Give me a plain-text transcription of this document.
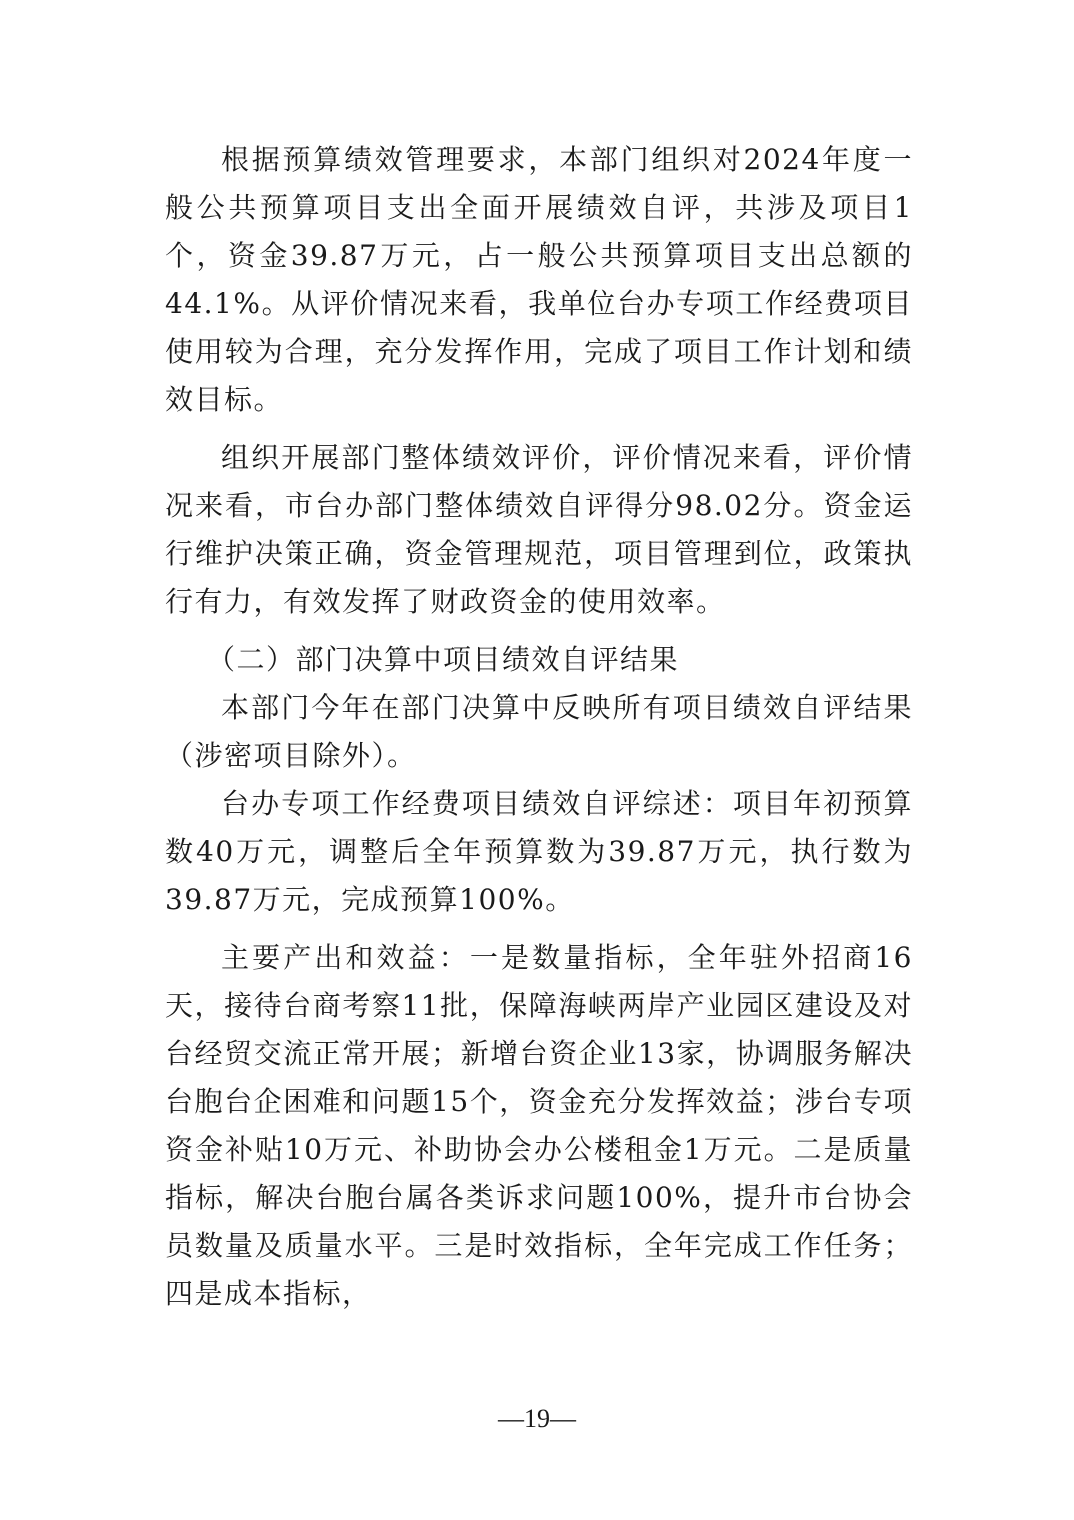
根据预算绩效管理要求，本部门组织对2024年度一般公共预算项目支出全面开展绩效自评，共涉及项目1个，资金39.87万元，占一般公共预算项目支出总额的44.1%。从评价情况来看，我单位台办专项工作经费项目使用较为合理，充分发挥作用，完成了项目工作计划和绩效目标。

组织开展部门整体绩效评价，评价情况来看，评价情况来看，市台办部门整体绩效自评得分98.02分。资金运行维护决策正确，资金管理规范，项目管理到位，政策执行有力，有效发挥了财政资金的使用效率。

（二）部门决算中项目绩效自评结果

本部门今年在部门决算中反映所有项目绩效自评结果（涉密项目除外）。

台办专项工作经费项目绩效自评综述：项目年初预算数40万元，调整后全年预算数为39.87万元，执行数为39.87万元，完成预算100%。

主要产出和效益：一是数量指标，全年驻外招商16天，接待台商考察11批，保障海峡两岸产业园区建设及对台经贸交流正常开展；新增台资企业13家，协调服务解决台胞台企困难和问题15个，资金充分发挥效益；涉台专项资金补贴10万元、补助协会办公楼租金1万元。二是质量指标，解决台胞台属各类诉求问题100%，提升市台协会员数量及质量水平。三是时效指标，全年完成工作任务；四是成本指标，

—19—
